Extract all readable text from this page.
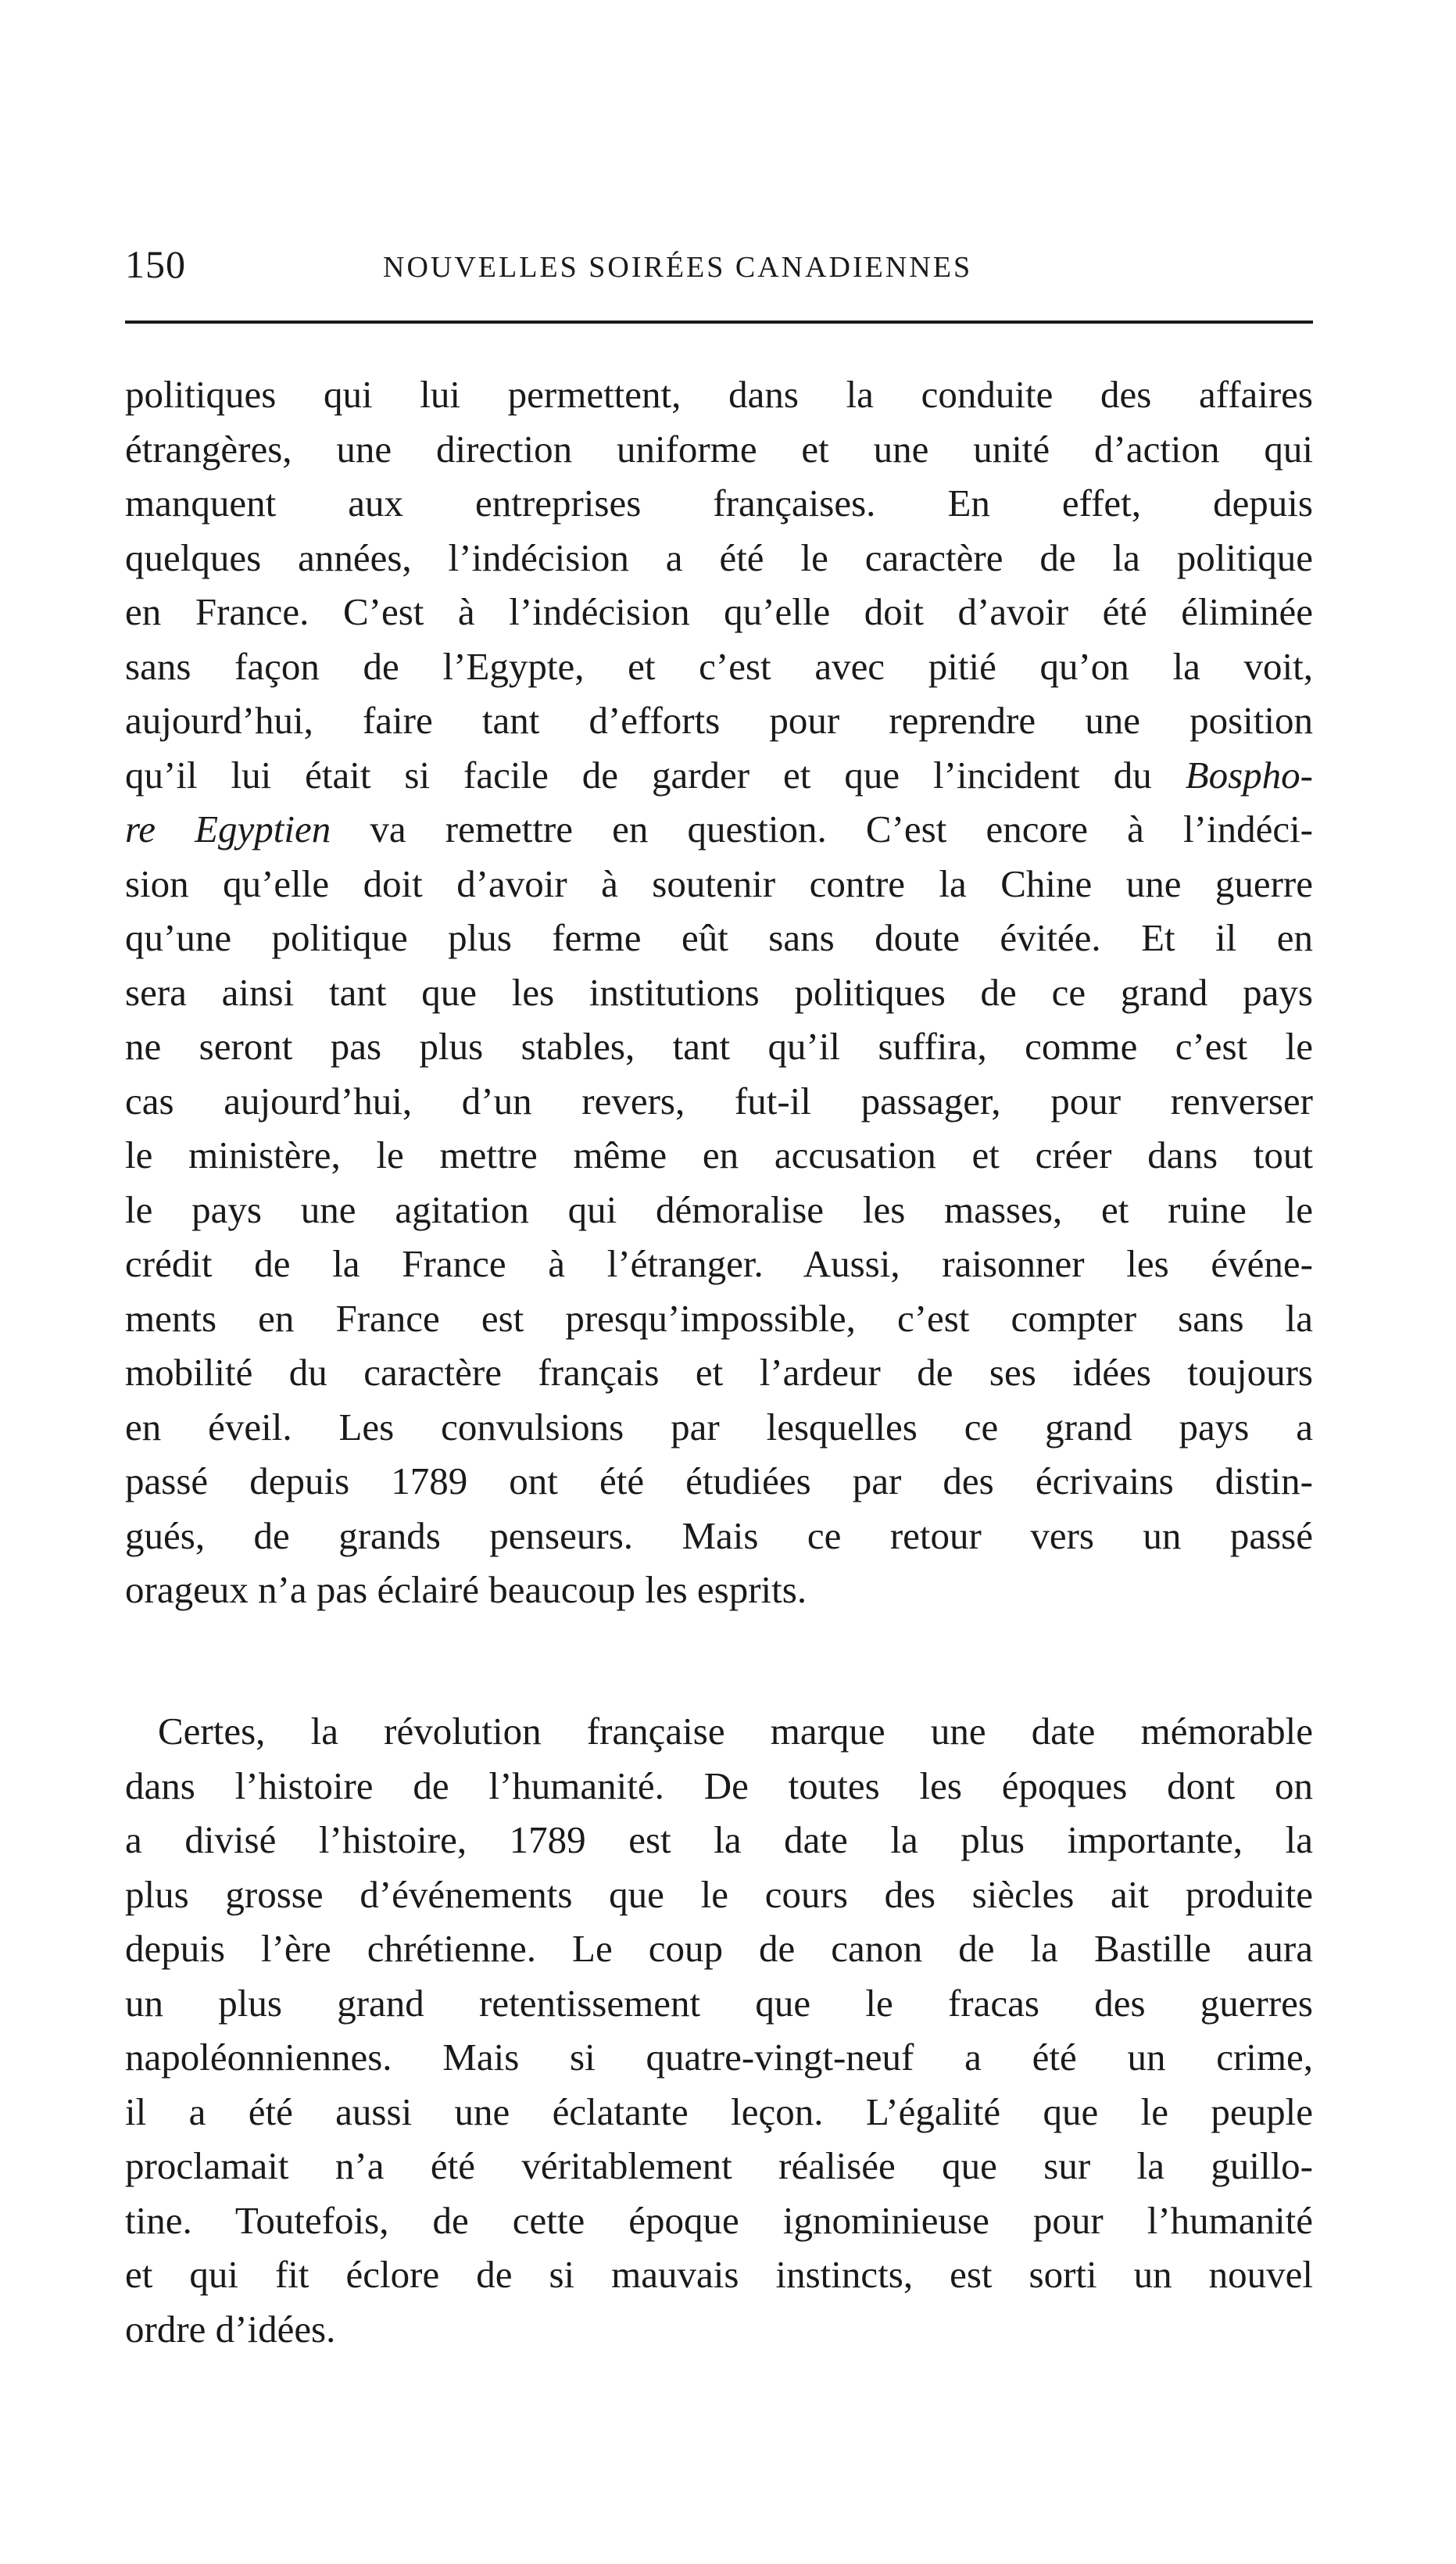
150	NOUVELLES SOIRÉES CANADIENNES
politiques qui lui permettent, dans la conduite des affaires
étrangères, une direction uniforme et une unité d’action qui
manquent aux entreprises françaises. En effet, depuis
quelques années, l’indécision a été le caractère de la politique
en France. C’est à l’indécision qu’elle doit d’avoir été éliminée
sans façon de l’Egypte, et c’est avec pitié qu’on la voit,
aujourd’hui, faire tant d’efforts pour reprendre une position
qu’il lui était si facile de garder et que l’incident du Bospho-
re Egyptien va remettre en question. C’est encore à l’indéci-
sion qu’elle doit d’avoir à soutenir contre la Chine une guerre
qu’une politique plus ferme eût sans doute évitée. Et il en
sera ainsi tant que les institutions politiques de ce grand pays
ne seront pas plus stables, tant qu’il suffira, comme c’est le
cas aujourd’hui, d’un revers, fut-il passager, pour renverser
le ministère, le mettre même en accusation et créer dans tout
le pays une agitation qui démoralise les masses, et ruine le
crédit de la France à l’étranger. Aussi, raisonner les événe-
ments en France est presqu’impossible, c’est compter sans la
mobilité du caractère français et l’ardeur de ses idées toujours
en éveil. Les convulsions par lesquelles ce grand pays a
passé depuis 1789 ont été étudiées par des écrivains distin-
gués, de grands penseurs. Mais ce retour vers un passé
orageux n’a pas éclairé beaucoup les esprits.
Certes, la révolution française marque une date mémorable
dans l’histoire de l’humanité. De toutes les époques dont on
a divisé l’histoire, 1789 est la date la plus importante, la
plus grosse d’événements que le cours des siècles ait produite
depuis l’ère chrétienne. Le coup de canon de la Bastille aura
un plus grand retentissement que le fracas des guerres
napoléonniennes. Mais si quatre-vingt-neuf a été un crime,
il a été aussi une éclatante leçon. L’égalité que le peuple
proclamait n’a été véritablement réalisée que sur la guillo-
tine. Toutefois, de cette époque ignominieuse pour l’humanité
et qui fit éclore de si mauvais instincts, est sorti un nouvel
ordre d’idées.
